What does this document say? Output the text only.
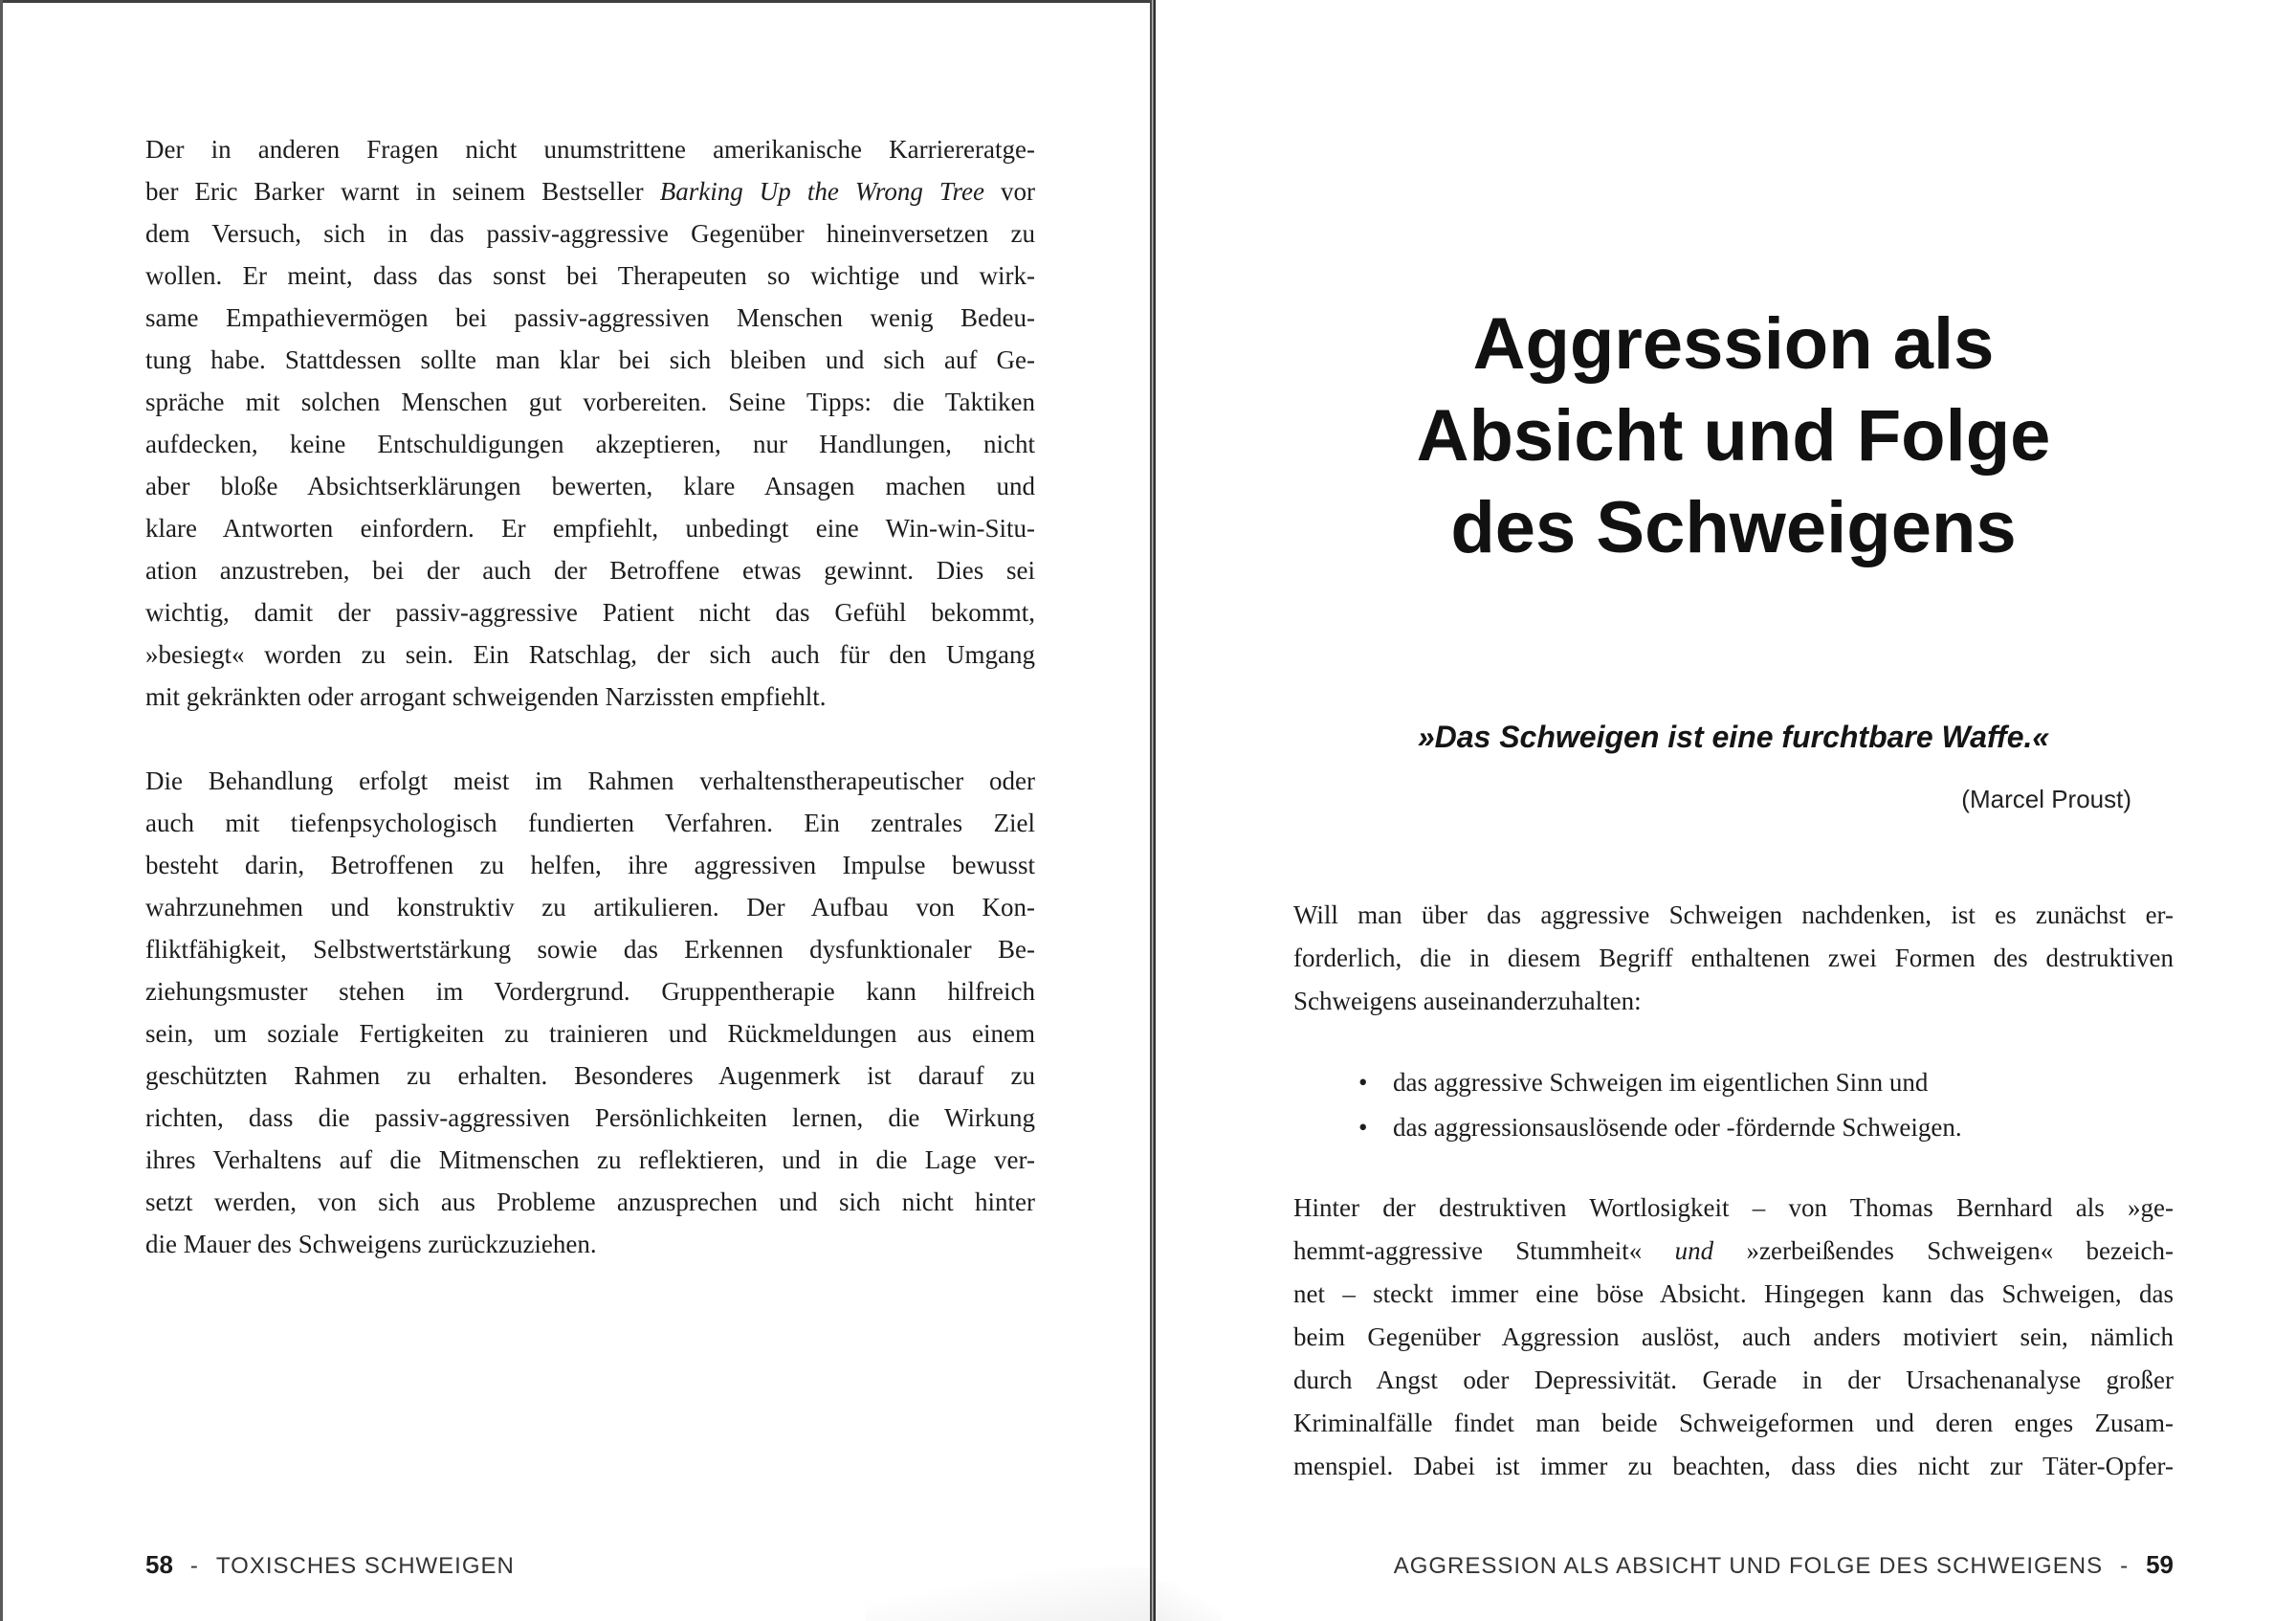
Der in anderen Fragen nicht unumstrittene amerikanische Karriereratge-
ber Eric Barker warnt in seinem Bestseller Barking Up the Wrong Tree vor
dem Versuch, sich in das passiv-aggressive Gegenüber hineinversetzen zu
wollen. Er meint, dass das sonst bei Therapeuten so wichtige und wirk-
same Empathievermögen bei passiv-aggressiven Menschen wenig Bedeu-
tung habe. Stattdessen sollte man klar bei sich bleiben und sich auf Ge-
spräche mit solchen Menschen gut vorbereiten. Seine Tipps: die Taktiken
aufdecken, keine Entschuldigungen akzeptieren, nur Handlungen, nicht
aber bloße Absichtserklärungen bewerten, klare Ansagen machen und
klare Antworten einfordern. Er empfiehlt, unbedingt eine Win-win-Situ-
ation anzustreben, bei der auch der Betroffene etwas gewinnt. Dies sei
wichtig, damit der passiv-aggressive Patient nicht das Gefühl bekommt,
»besiegt« worden zu sein. Ein Ratschlag, der sich auch für den Umgang
mit gekränkten oder arrogant schweigenden Narzissten empfiehlt.
Die Behandlung erfolgt meist im Rahmen verhaltenstherapeutischer oder
auch mit tiefenpsychologisch fundierten Verfahren. Ein zentrales Ziel
besteht darin, Betroffenen zu helfen, ihre aggressiven Impulse bewusst
wahrzunehmen und konstruktiv zu artikulieren. Der Aufbau von Kon-
fliktfähigkeit, Selbstwertstärkung sowie das Erkennen dysfunktionaler Be-
ziehungsmuster stehen im Vordergrund. Gruppentherapie kann hilfreich
sein, um soziale Fertigkeiten zu trainieren und Rückmeldungen aus einem
geschützten Rahmen zu erhalten. Besonderes Augenmerk ist darauf zu
richten, dass die passiv-aggressiven Persönlichkeiten lernen, die Wirkung
ihres Verhaltens auf die Mitmenschen zu reflektieren, und in die Lage ver-
setzt werden, von sich aus Probleme anzusprechen und sich nicht hinter
die Mauer des Schweigens zurückzuziehen.
58 - TOXISCHES SCHWEIGEN
Aggression als
Absicht und Folge
des Schweigens
»Das Schweigen ist eine furchtbare Waffe.«
(Marcel Proust)
Will man über das aggressive Schweigen nachdenken, ist es zunächst er-
forderlich, die in diesem Begriff enthaltenen zwei Formen des destruktiven
Schweigens auseinanderzuhalten:
• das aggressive Schweigen im eigentlichen Sinn und
• das aggressionsauslösende oder -fördernde Schweigen.
Hinter der destruktiven Wortlosigkeit – von Thomas Bernhard als »ge-
hemmt-aggressive Stummheit« und »zerbeißendes Schweigen« bezeich-
net – steckt immer eine böse Absicht. Hingegen kann das Schweigen, das
beim Gegenüber Aggression auslöst, auch anders motiviert sein, nämlich
durch Angst oder Depressivität. Gerade in der Ursachenanalyse großer
Kriminalfälle findet man beide Schweigeformen und deren enges Zusam-
menspiel. Dabei ist immer zu beachten, dass dies nicht zur Täter-Opfer-
AGGRESSION ALS ABSICHT UND FOLGE DES SCHWEIGENS - 59
